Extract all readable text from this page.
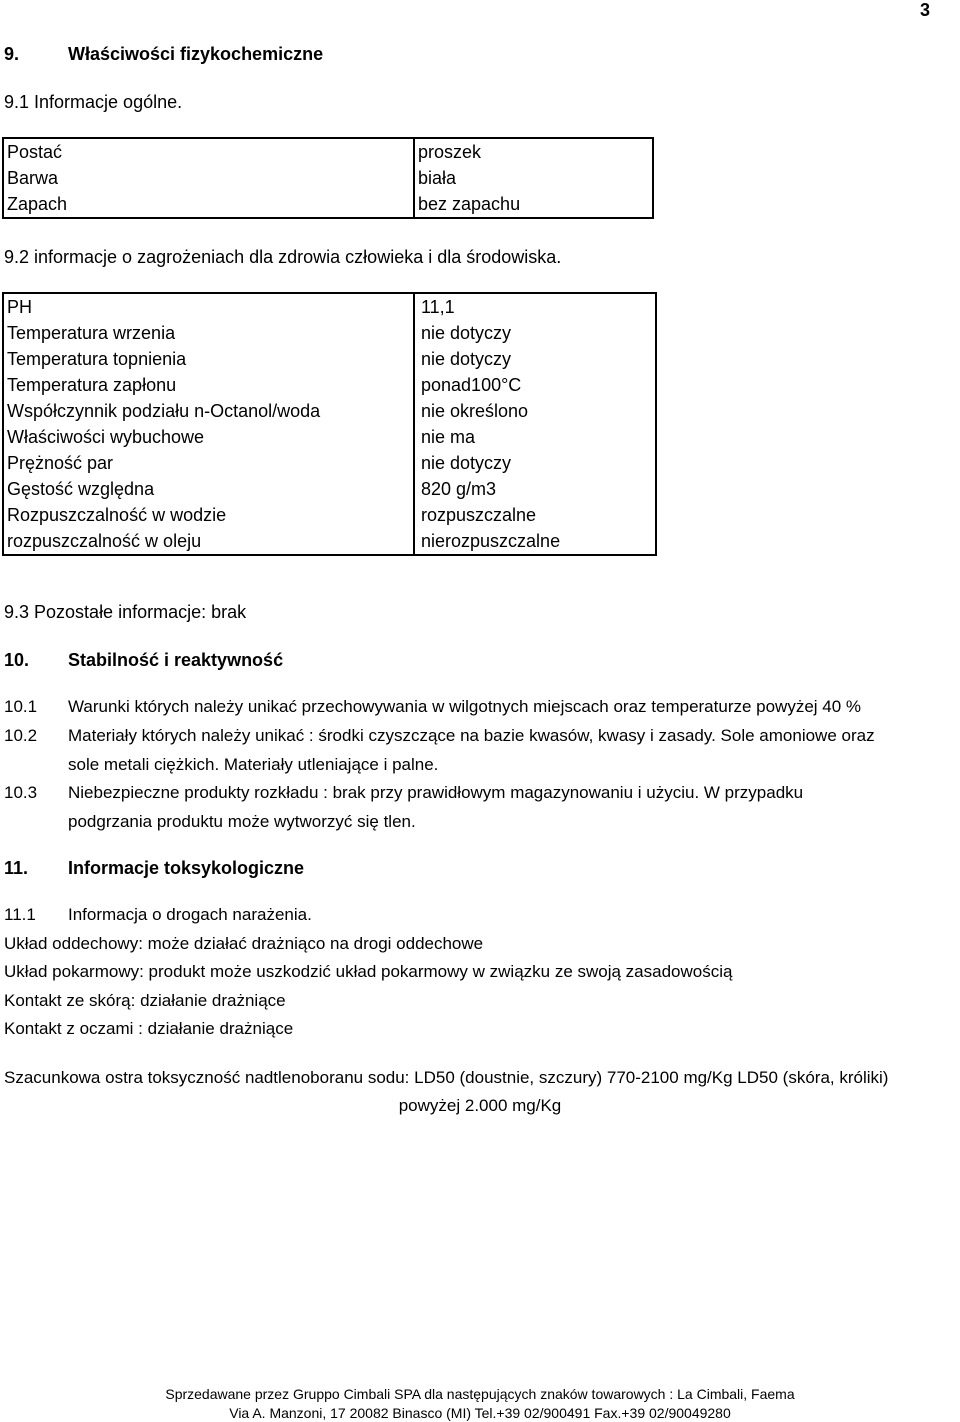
3
9.	Właściwości fizykochemiczne
9.1 Informacje ogólne.
Postać	proszek
Barwa	biała
Zapach	bez zapachu
9.2 informacje o zagrożeniach dla zdrowia człowieka i dla środowiska.
PH	11,1
Temperatura wrzenia	nie dotyczy
Temperatura topnienia	nie dotyczy
Temperatura zapłonu	ponad100°C
Współczynnik podziału n-Octanol/woda	nie określono
Właściwości wybuchowe	nie ma
Prężność par	nie dotyczy
Gęstość względna	820 g/m3
Rozpuszczalność w wodzie	rozpuszczalne
rozpuszczalność w oleju	nierozpuszczalne
9.3 Pozostałe informacje: brak
10. Stabilność i reaktywność
10.1 Warunki których należy unikać przechowywania w wilgotnych miejscach oraz temperaturze powyżej 40 %
10.2 Materiały których należy unikać : środki czyszczące na bazie kwasów, kwasy i zasady. Sole amoniowe oraz
sole metali ciężkich. Materiały utleniające i palne.
10.3 Niebezpieczne produkty rozkładu : brak przy prawidłowym magazynowaniu i użyciu. W przypadku
podgrzania produktu może wytworzyć się tlen.
11. Informacje toksykologiczne
11.1 Informacja o drogach narażenia.
Układ oddechowy: może działać drażniąco na drogi oddechowe
Układ pokarmowy: produkt może uszkodzić układ pokarmowy w związku ze swoją zasadowością
Kontakt ze skórą: działanie drażniące
Kontakt z oczami : działanie drażniące
Szacunkowa ostra toksyczność nadtlenoboranu sodu: LD50 (doustnie, szczury) 770-2100 mg/Kg LD50 (skóra, króliki)
powyżej 2.000 mg/Kg
Sprzedawane przez Gruppo Cimbali SPA dla następujących znaków towarowych : La Cimbali, Faema
Via A. Manzoni, 17 20082 Binasco (MI) Tel.+39 02/900491 Fax.+39 02/90049280
